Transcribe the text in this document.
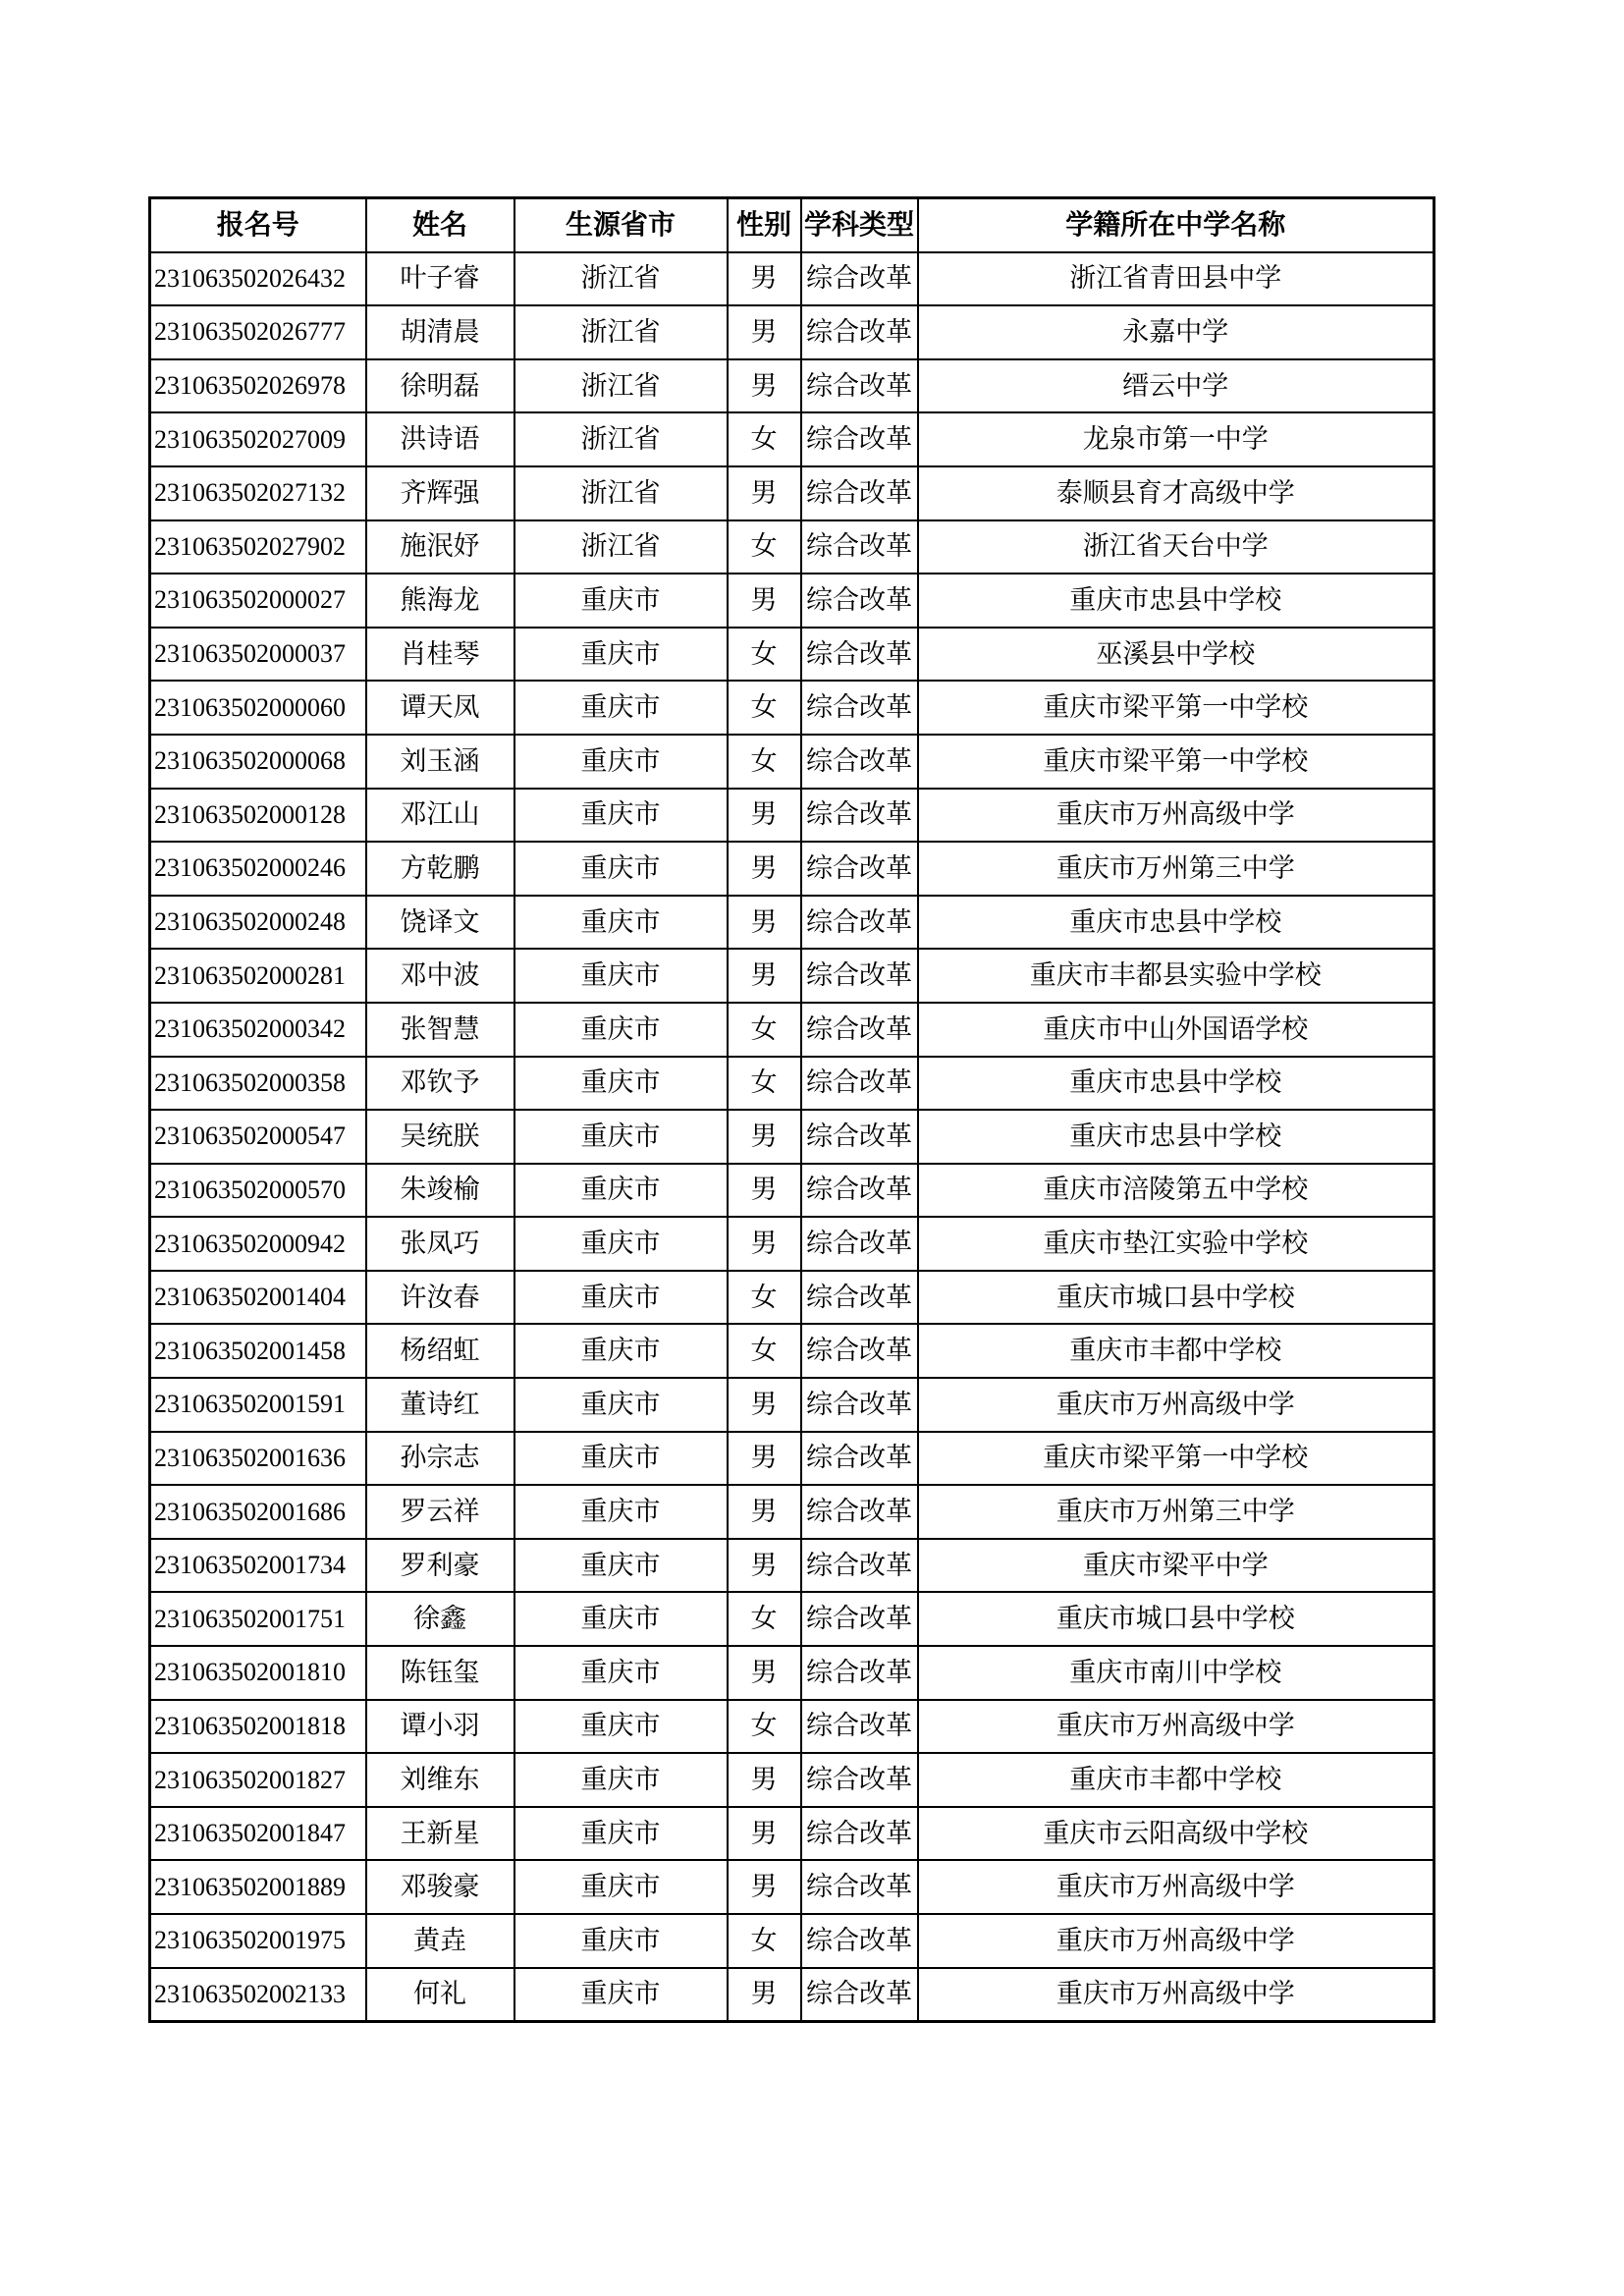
报名号	姓名	生源省市	性别	学科类型	学籍所在中学名称
231063502026432	叶子睿	浙江省	男	综合改革	浙江省青田县中学
231063502026777	胡清晨	浙江省	男	综合改革	永嘉中学
231063502026978	徐明磊	浙江省	男	综合改革	缙云中学
231063502027009	洪诗语	浙江省	女	综合改革	龙泉市第一中学
231063502027132	齐辉强	浙江省	男	综合改革	泰顺县育才高级中学
231063502027902	施泯妤	浙江省	女	综合改革	浙江省天台中学
231063502000027	熊海龙	重庆市	男	综合改革	重庆市忠县中学校
231063502000037	肖桂琴	重庆市	女	综合改革	巫溪县中学校
231063502000060	谭天凤	重庆市	女	综合改革	重庆市梁平第一中学校
231063502000068	刘玉涵	重庆市	女	综合改革	重庆市梁平第一中学校
231063502000128	邓江山	重庆市	男	综合改革	重庆市万州高级中学
231063502000246	方乾鹏	重庆市	男	综合改革	重庆市万州第三中学
231063502000248	饶译文	重庆市	男	综合改革	重庆市忠县中学校
231063502000281	邓中波	重庆市	男	综合改革	重庆市丰都县实验中学校
231063502000342	张智慧	重庆市	女	综合改革	重庆市中山外国语学校
231063502000358	邓钦予	重庆市	女	综合改革	重庆市忠县中学校
231063502000547	吴统朕	重庆市	男	综合改革	重庆市忠县中学校
231063502000570	朱竣榆	重庆市	男	综合改革	重庆市涪陵第五中学校
231063502000942	张凤巧	重庆市	男	综合改革	重庆市垫江实验中学校
231063502001404	许汝春	重庆市	女	综合改革	重庆市城口县中学校
231063502001458	杨绍虹	重庆市	女	综合改革	重庆市丰都中学校
231063502001591	董诗红	重庆市	男	综合改革	重庆市万州高级中学
231063502001636	孙宗志	重庆市	男	综合改革	重庆市梁平第一中学校
231063502001686	罗云祥	重庆市	男	综合改革	重庆市万州第三中学
231063502001734	罗利豪	重庆市	男	综合改革	重庆市梁平中学
231063502001751	徐鑫	重庆市	女	综合改革	重庆市城口县中学校
231063502001810	陈钰玺	重庆市	男	综合改革	重庆市南川中学校
231063502001818	谭小羽	重庆市	女	综合改革	重庆市万州高级中学
231063502001827	刘维东	重庆市	男	综合改革	重庆市丰都中学校
231063502001847	王新星	重庆市	男	综合改革	重庆市云阳高级中学校
231063502001889	邓骏豪	重庆市	男	综合改革	重庆市万州高级中学
231063502001975	黄垚	重庆市	女	综合改革	重庆市万州高级中学
231063502002133	何礼	重庆市	男	综合改革	重庆市万州高级中学
